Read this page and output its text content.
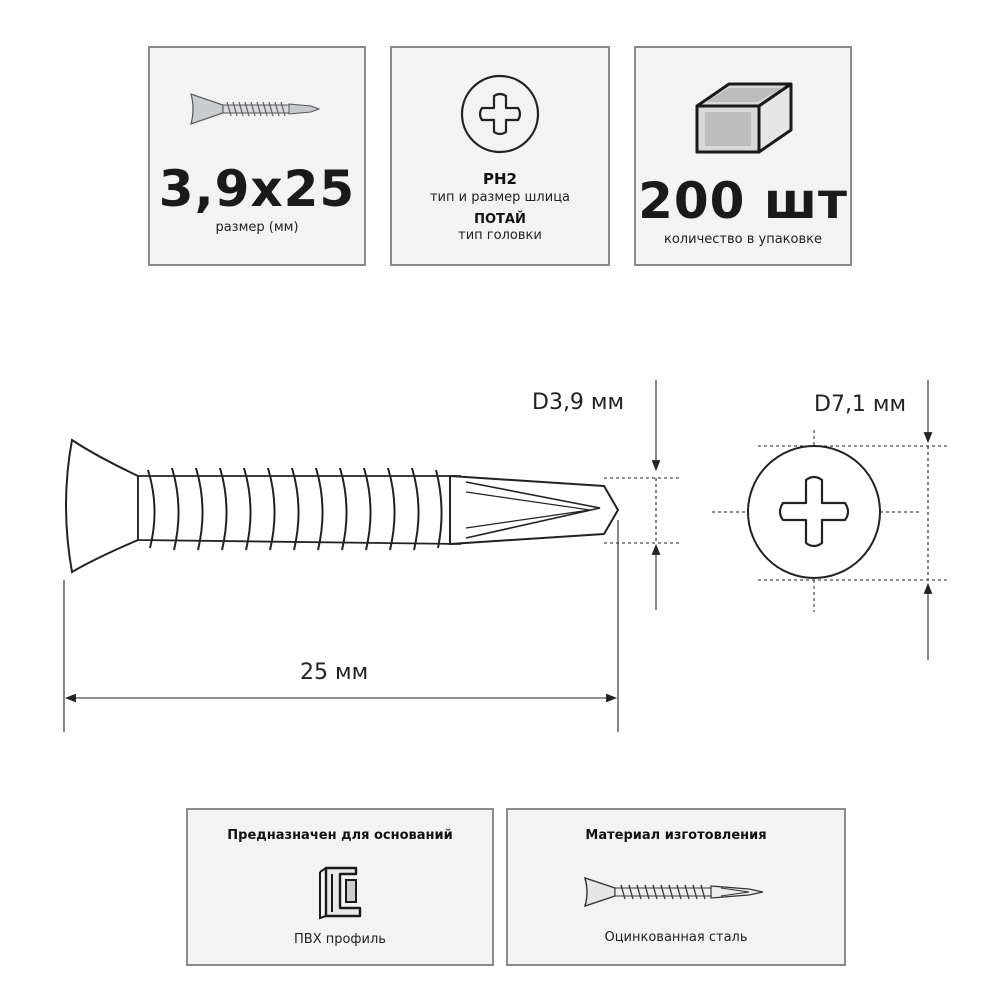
3,9x25
размер (мм)
PH2
тип и размер шлица
ПОТАЙ
тип головки
200 шт
количество в упаковке
D3,9 мм	D7,1 мм
25 мм
Предназначен для оснований
ПВХ профиль
Материал изготовления
Оцинкованная сталь
